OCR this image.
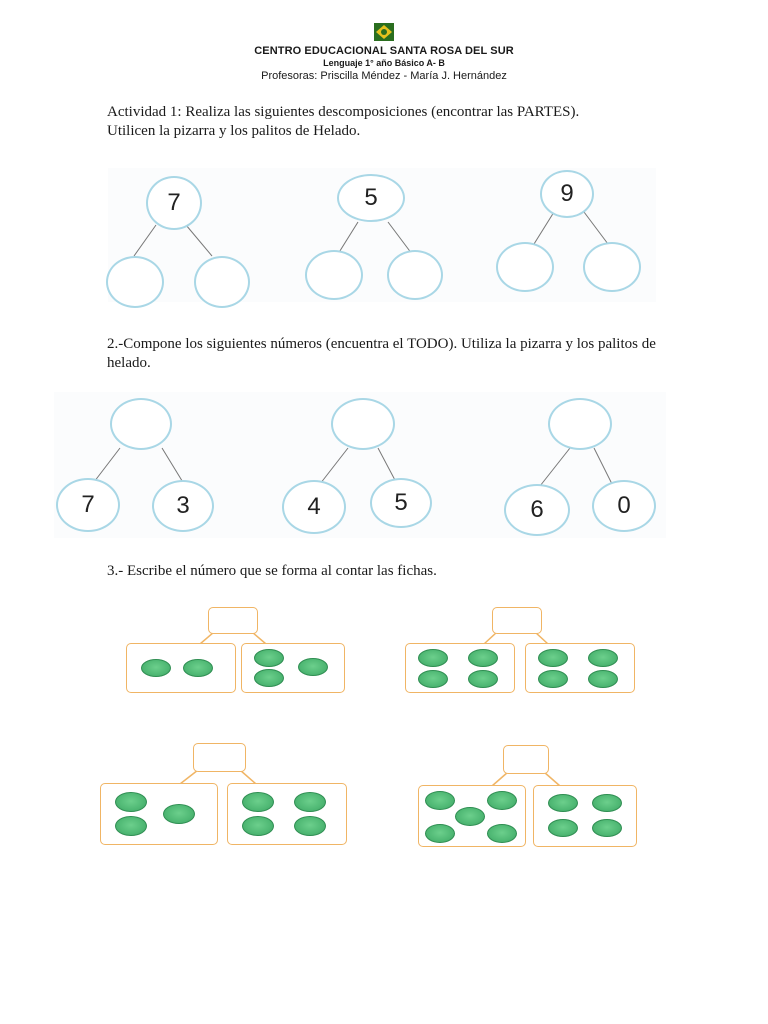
CENTRO EDUCACIONAL SANTA ROSA DEL SUR
Lenguaje 1° año Básico A- B
Profesoras: Priscilla Méndez - María J. Hernández
Actividad 1: Realiza las siguientes descomposiciones (encontrar las PARTES). Utilicen la pizarra y los palitos de Helado.
7	5	9
2.-Compone los siguientes números (encuentra el TODO). Utiliza la pizarra y los palitos de helado.
7	3	4	5	6	0
3.- Escribe el número que se forma al contar las fichas.
